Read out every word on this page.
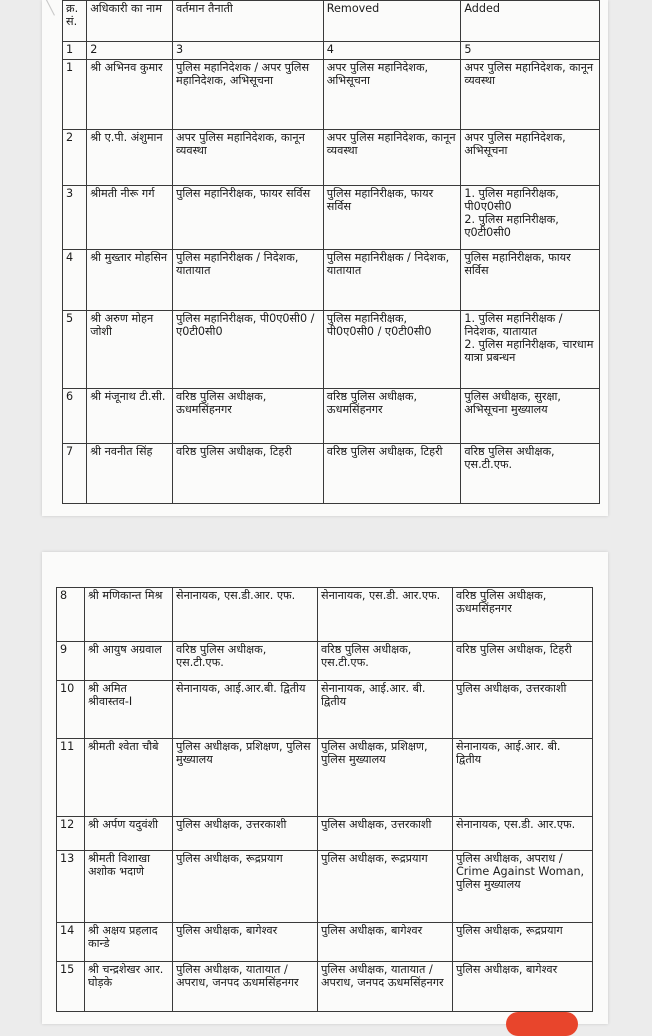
╲ क्र. सं.	अधिकारी का नाम	वर्तमान तैनाती	Removed	Added
1	2	3	4	5
1	श्री अभिनव कुमार	पुलिस महानिदेशक / अपर पुलिस महानिदेशक, अभिसूचना	अपर पुलिस महानिदेशक, अभिसूचना	अपर पुलिस महानिदेशक, कानून व्यवस्था
2	श्री ए.पी. अंशुमान	अपर पुलिस महानिदेशक, कानून व्यवस्था	अपर पुलिस महानिदेशक, कानून व्यवस्था	अपर पुलिस महानिदेशक, अभिसूचना
3	श्रीमती नीरू गर्ग	पुलिस महानिरीक्षक, फायर सर्विस	पुलिस महानिरीक्षक, फायर सर्विस	1. पुलिस महानिरीक्षक, पी0ए0सी0
2. पुलिस महानिरीक्षक, ए0टी0सी0
4	श्री मुख्तार मोहसिन	पुलिस महानिरीक्षक / निदेशक, यातायात	पुलिस महानिरीक्षक / निदेशक, यातायात	पुलिस महानिरीक्षक, फायर सर्विस
5	श्री अरुण मोहन जोशी	पुलिस महानिरीक्षक, पी0ए0सी0 / ए0टी0सी0	पुलिस महानिरीक्षक, पी0ए0सी0 / ए0टी0सी0	1. पुलिस महानिरीक्षक / निदेशक, यातायात
2. पुलिस महानिरीक्षक, चारधाम यात्रा प्रबन्धन
6	श्री मंजूनाथ टी.सी.	वरिष्ठ पुलिस अधीक्षक, ऊधमसिंहनगर	वरिष्ठ पुलिस अधीक्षक, ऊधमसिंहनगर	पुलिस अधीक्षक, सुरक्षा, अभिसूचना मुख्यालय
7	श्री नवनीत सिंह	वरिष्ठ पुलिस अधीक्षक, टिहरी	वरिष्ठ पुलिस अधीक्षक, टिहरी	वरिष्ठ पुलिस अधीक्षक, एस.टी.एफ.
8	श्री मणिकान्त मिश्र	सेनानायक, एस.डी.आर. एफ.	सेनानायक, एस.डी. आर.एफ.	वरिष्ठ पुलिस अधीक्षक, ऊधमसिंहनगर
9	श्री आयुष अग्रवाल	वरिष्ठ पुलिस अधीक्षक, एस.टी.एफ.	वरिष्ठ पुलिस अधीक्षक, एस.टी.एफ.	वरिष्ठ पुलिस अधीक्षक, टिहरी
10	श्री अमित श्रीवास्तव-I	सेनानायक, आई.आर.बी. द्वितीय	सेनानायक, आई.आर. बी. द्वितीय	पुलिस अधीक्षक, उत्तरकाशी
11	श्रीमती श्वेता चौबे	पुलिस अधीक्षक, प्रशिक्षण, पुलिस मुख्यालय	पुलिस अधीक्षक, प्रशिक्षण, पुलिस मुख्यालय	सेनानायक, आई.आर. बी. द्वितीय
12	श्री अर्पण यदुवंशी	पुलिस अधीक्षक, उत्तरकाशी	पुलिस अधीक्षक, उत्तरकाशी	सेनानायक, एस.डी. आर.एफ.
13	श्रीमती विशाखा अशोक भदाणे	पुलिस अधीक्षक, रूद्रप्रयाग	पुलिस अधीक्षक, रूद्रप्रयाग	पुलिस अधीक्षक, अपराध / Crime Against Woman, पुलिस मुख्यालय
14	श्री अक्षय प्रहलाद कान्डे	पुलिस अधीक्षक, बागेश्वर	पुलिस अधीक्षक, बागेश्वर	पुलिस अधीक्षक, रूद्रप्रयाग
15	श्री चन्द्रशेखर आर. घोड़के	पुलिस अधीक्षक, यातायात / अपराध, जनपद ऊधमसिंहनगर	पुलिस अधीक्षक, यातायात / अपराध, जनपद ऊधमसिंहनगर	पुलिस अधीक्षक, बागेश्वर
